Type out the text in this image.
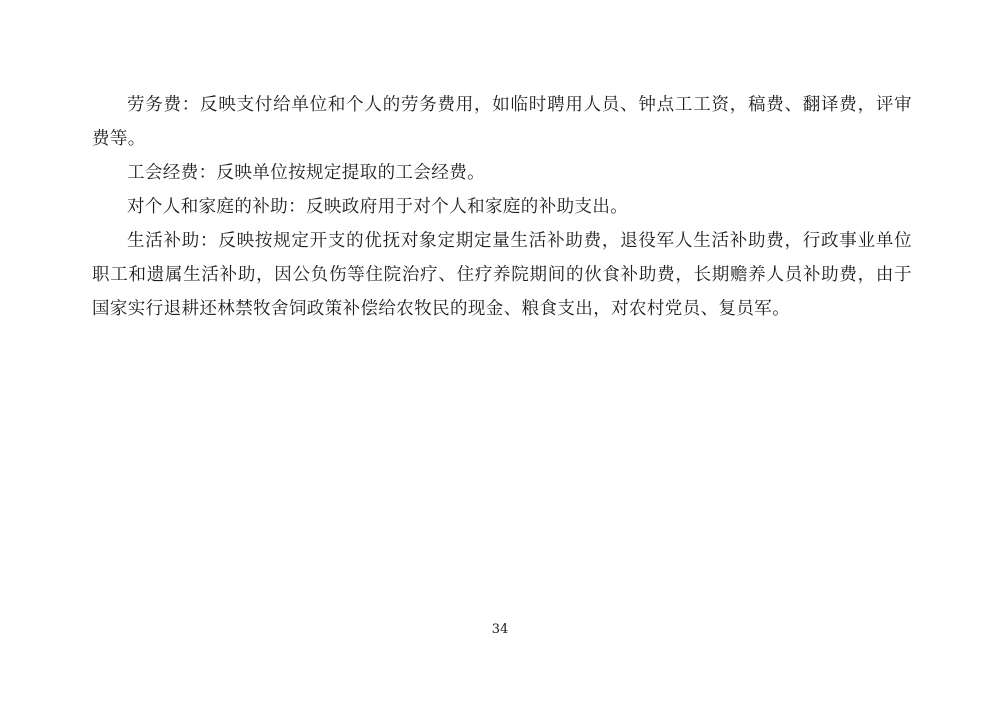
劳务费：反映支付给单位和个人的劳务费用，如临时聘用人员、钟点工工资，稿费、翻译费，评审费等。

工会经费：反映单位按规定提取的工会经费。

对个人和家庭的补助：反映政府用于对个人和家庭的补助支出。

生活补助：反映按规定开支的优抚对象定期定量生活补助费，退役军人生活补助费，行政事业单位职工和遗属生活补助，因公负伤等住院治疗、住疗养院期间的伙食补助费，长期赡养人员补助费，由于国家实行退耕还林禁牧舍饲政策补偿给农牧民的现金、粮食支出，对农村党员、复员军。

34
